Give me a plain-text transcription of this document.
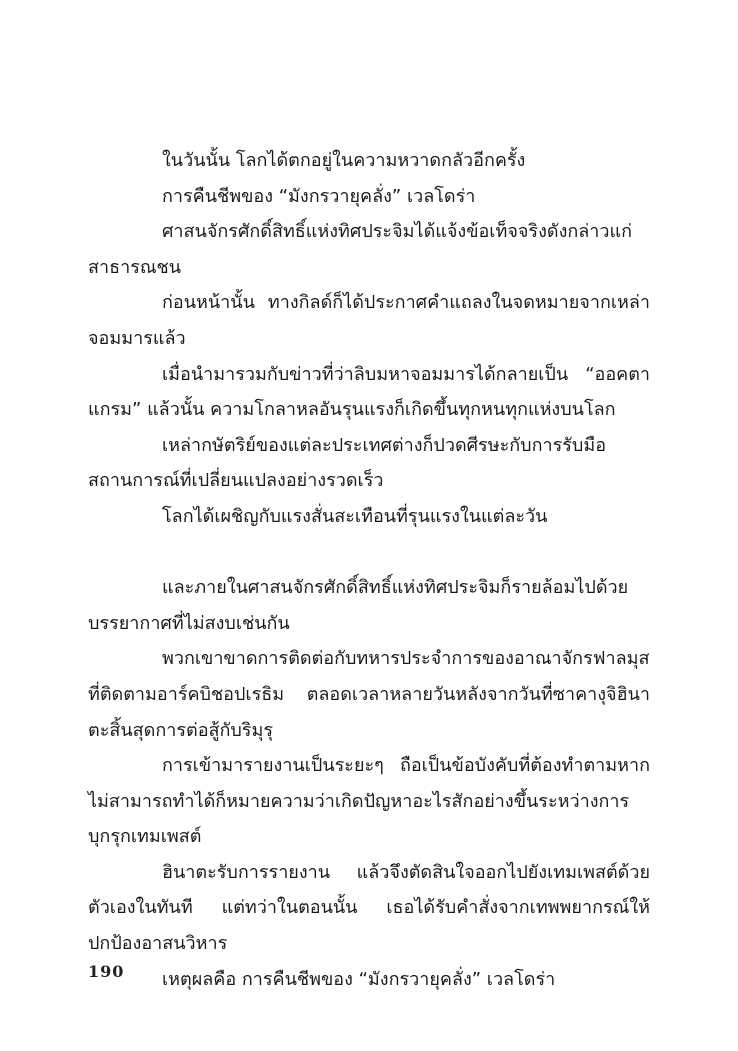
ในวันนั้น โลกได้ตกอยู่ในความหวาดกลัวอีกครั้ง

การคืนชีพของ “มังกรวายุคลั่ง” เวลโดร่า

ศาสนจักรศักดิ์สิทธิ์แห่งทิศประจิมได้แจ้งข้อเท็จจริงดังกล่าวแก่สาธารณชน

ก่อนหน้านั้น ทางกิลด์ก็ได้ประกาศคำแถลงในจดหมายจากเหล่าจอมมารแล้ว

เมื่อนำมารวมกับข่าวที่ว่าลิบมหาจอมมารได้กลายเป็น “ออคตาแกรม” แล้วนั้น ความโกลาหลอันรุนแรงก็เกิดขึ้นทุกหนทุกแห่งบนโลก

เหล่ากษัตริย์ของแต่ละประเทศต่างก็ปวดศีรษะกับการรับมือสถานการณ์ที่เปลี่ยนแปลงอย่างรวดเร็ว

โลกได้เผชิญกับแรงสั่นสะเทือนที่รุนแรงในแต่ละวัน

และภายในศาสนจักรศักดิ์สิทธิ์แห่งทิศประจิมก็รายล้อมไปด้วยบรรยากาศที่ไม่สงบเช่นกัน

พวกเขาขาดการติดต่อกับทหารประจำการของอาณาจักรฟาลมุสที่ติดตามอาร์คบิชอปเรธิม ตลอดเวลาหลายวันหลังจากวันที่ซาคางุจิฮินาตะสิ้นสุดการต่อสู้กับริมุรุ

การเข้ามารายงานเป็นระยะๆ ถือเป็นข้อบังคับที่ต้องทำตามหากไม่สามารถทำได้ก็หมายความว่าเกิดปัญหาอะไรสักอย่างขึ้นระหว่างการบุกรุกเทมเพสต์

ฮินาตะรับการรายงาน แล้วจึงตัดสินใจออกไปยังเทมเพสต์ด้วยตัวเองในทันที แต่ทว่าในตอนนั้น เธอได้รับคำสั่งจากเทพพยากรณ์ให้ปกป้องอาสนวิหาร

เหตุผลคือ การคืนชีพของ “มังกรวายุคลั่ง” เวลโดร่า

190
